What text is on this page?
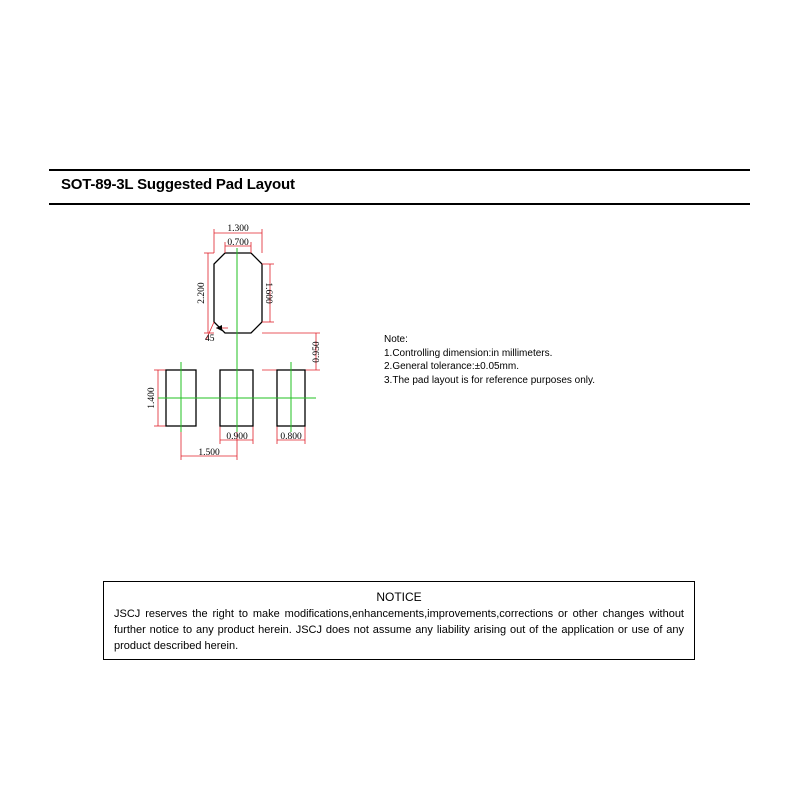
SOT-89-3L Suggested Pad Layout
1.300
0.700
2.200	1.600
45
0.950
1.400
0.900	0.800
1.500
Note:
1.Controlling dimension:in millimeters.
2.General tolerance:±0.05mm.
3.The pad layout is for reference purposes only.
NOTICE
JSCJ reserves the right to make modifications,enhancements,improvements,corrections or other changes without further notice to any product herein. JSCJ does not assume any liability arising out of the application or use of any product described herein.
